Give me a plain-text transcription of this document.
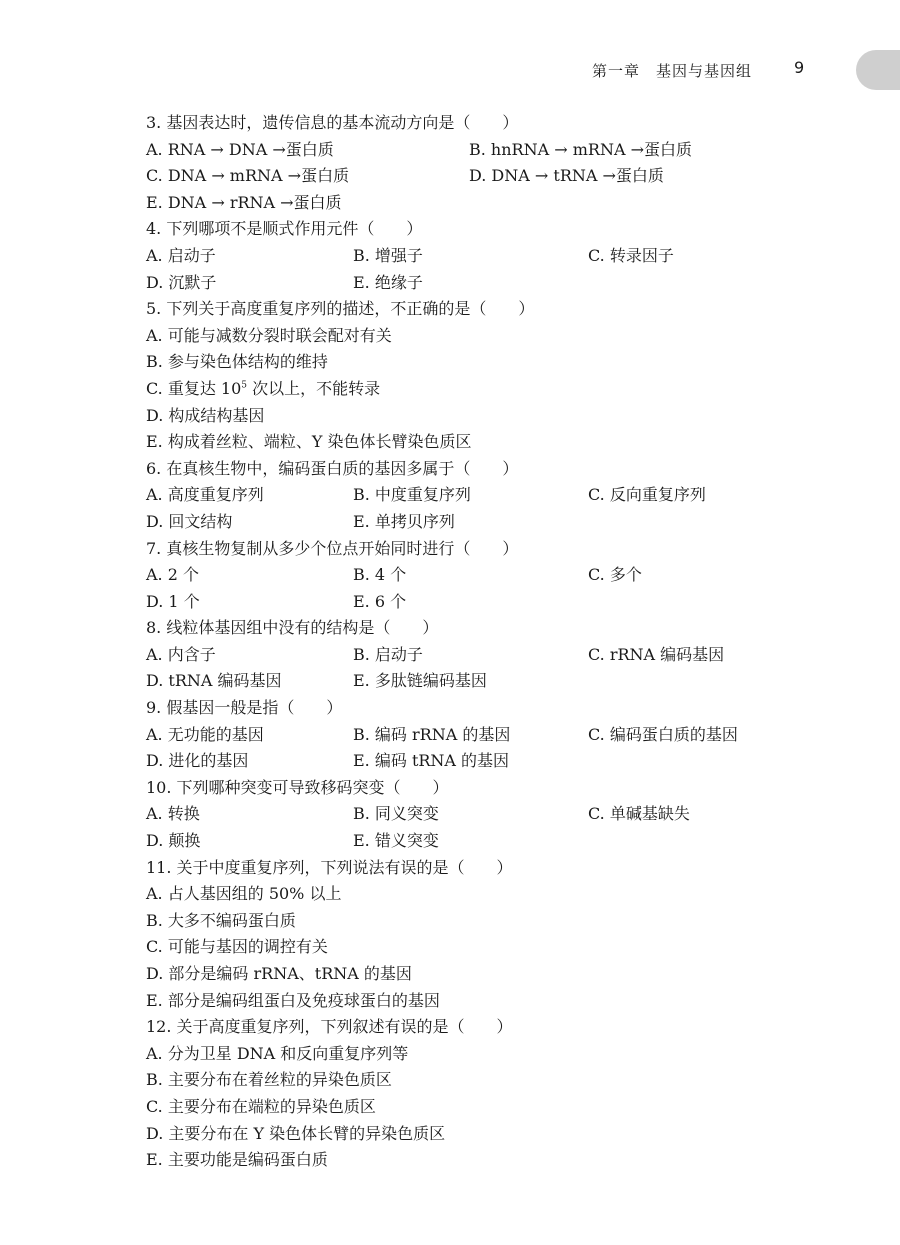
第一章　基因与基因组	9
3. 基因表达时，遗传信息的基本流动方向是（　　）
A. RNA → DNA →蛋白质	B. hnRNA → mRNA →蛋白质
C. DNA → mRNA →蛋白质	D. DNA → tRNA →蛋白质
E. DNA → rRNA →蛋白质
4. 下列哪项不是顺式作用元件（　　）
A. 启动子	B. 增强子	C. 转录因子
D. 沉默子	E. 绝缘子
5. 下列关于高度重复序列的描述，不正确的是（　　）
A. 可能与减数分裂时联会配对有关
B. 参与染色体结构的维持
C. 重复达 $10^5$ 次以上，不能转录
D. 构成结构基因
E. 构成着丝粒、端粒、Y 染色体长臂染色质区
6. 在真核生物中，编码蛋白质的基因多属于（　　）
A. 高度重复序列	B. 中度重复序列	C. 反向重复序列
D. 回文结构	E. 单拷贝序列
7. 真核生物复制从多少个位点开始同时进行（　　）
A. 2 个	B. 4 个	C. 多个
D. 1 个	E. 6 个
8. 线粒体基因组中没有的结构是（　　）
A. 内含子	B. 启动子	C. rRNA 编码基因
D. tRNA 编码基因	E. 多肽链编码基因
9. 假基因一般是指（　　）
A. 无功能的基因	B. 编码 rRNA 的基因	C. 编码蛋白质的基因
D. 进化的基因	E. 编码 tRNA 的基因
10. 下列哪种突变可导致移码突变（　　）
A. 转换	B. 同义突变	C. 单碱基缺失
D. 颠换	E. 错义突变
11. 关于中度重复序列，下列说法有误的是（　　）
A. 占人基因组的 50% 以上
B. 大多不编码蛋白质
C. 可能与基因的调控有关
D. 部分是编码 rRNA、tRNA 的基因
E. 部分是编码组蛋白及免疫球蛋白的基因
12. 关于高度重复序列，下列叙述有误的是（　　）
A. 分为卫星 DNA 和反向重复序列等
B. 主要分布在着丝粒的异染色质区
C. 主要分布在端粒的异染色质区
D. 主要分布在 Y 染色体长臂的异染色质区
E. 主要功能是编码蛋白质
